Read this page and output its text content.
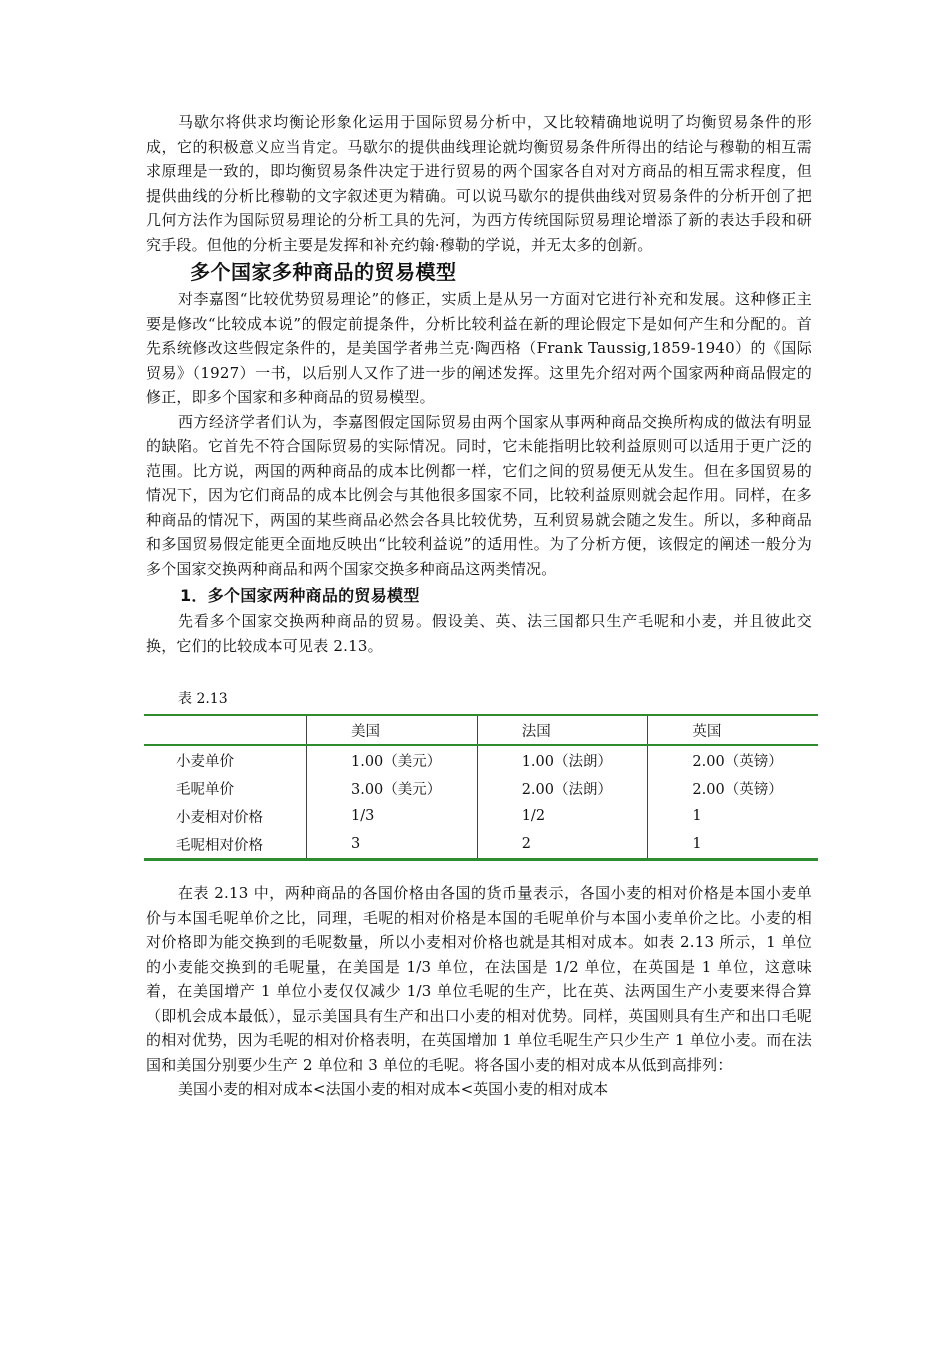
马歇尔将供求均衡论形象化运用于国际贸易分析中，又比较精确地说明了均衡贸易条件的形成，它的积极意义应当肯定。马歇尔的提供曲线理论就均衡贸易条件所得出的结论与穆勒的相互需求原理是一致的，即均衡贸易条件决定于进行贸易的两个国家各自对对方商品的相互需求程度，但提供曲线的分析比穆勒的文字叙述更为精确。可以说马歇尔的提供曲线对贸易条件的分析开创了把几何方法作为国际贸易理论的分析工具的先河，为西方传统国际贸易理论增添了新的表达手段和研究手段。但他的分析主要是发挥和补充约翰·穆勒的学说，并无太多的创新。

多个国家多种商品的贸易模型

对李嘉图“比较优势贸易理论”的修正，实质上是从另一方面对它进行补充和发展。这种修正主要是修改“比较成本说”的假定前提条件，分析比较利益在新的理论假定下是如何产生和分配的。首先系统修改这些假定条件的，是美国学者弗兰克·陶西格（Frank Taussig,1859-1940）的《国际贸易》（1927）一书，以后别人又作了进一步的阐述发挥。这里先介绍对两个国家两种商品假定的修正，即多个国家和多种商品的贸易模型。

西方经济学者们认为，李嘉图假定国际贸易由两个国家从事两种商品交换所构成的做法有明显的缺陷。它首先不符合国际贸易的实际情况。同时，它未能指明比较利益原则可以适用于更广泛的范围。比方说，两国的两种商品的成本比例都一样，它们之间的贸易便无从发生。但在多国贸易的情况下，因为它们商品的成本比例会与其他很多国家不同，比较利益原则就会起作用。同样，在多种商品的情况下，两国的某些商品必然会各具比较优势，互利贸易就会随之发生。所以，多种商品和多国贸易假定能更全面地反映出“比较利益说”的适用性。为了分析方便，该假定的阐述一般分为多个国家交换两种商品和两个国家交换多种商品这两类情况。

1．多个国家两种商品的贸易模型

先看多个国家交换两种商品的贸易。假设美、英、法三国都只生产毛呢和小麦，并且彼此交换，它们的比较成本可见表 2.13。

表 2.13

	美国	法国	英国
小麦单价	1.00（美元）	1.00（法朗）	2.00（英镑）
毛呢单价	3.00（美元）	2.00（法朗）	2.00（英镑）
小麦相对价格	1/3	1/2	1
毛呢相对价格	3	2	1

在表 2.13 中，两种商品的各国价格由各国的货币量表示，各国小麦的相对价格是本国小麦单价与本国毛呢单价之比，同理，毛呢的相对价格是本国的毛呢单价与本国小麦单价之比。小麦的相对价格即为能交换到的毛呢数量，所以小麦相对价格也就是其相对成本。如表 2.13 所示，1 单位的小麦能交换到的毛呢量，在美国是 1/3 单位，在法国是 1/2 单位，在英国是 1 单位，这意味着，在美国增产 1 单位小麦仅仅减少 1/3 单位毛呢的生产，比在英、法两国生产小麦要来得合算（即机会成本最低），显示美国具有生产和出口小麦的相对优势。同样，英国则具有生产和出口毛呢的相对优势，因为毛呢的相对价格表明，在英国增加 1 单位毛呢生产只少生产 1 单位小麦。而在法国和美国分别要少生产 2 单位和 3 单位的毛呢。将各国小麦的相对成本从低到高排列：

美国小麦的相对成本<法国小麦的相对成本<英国小麦的相对成本
